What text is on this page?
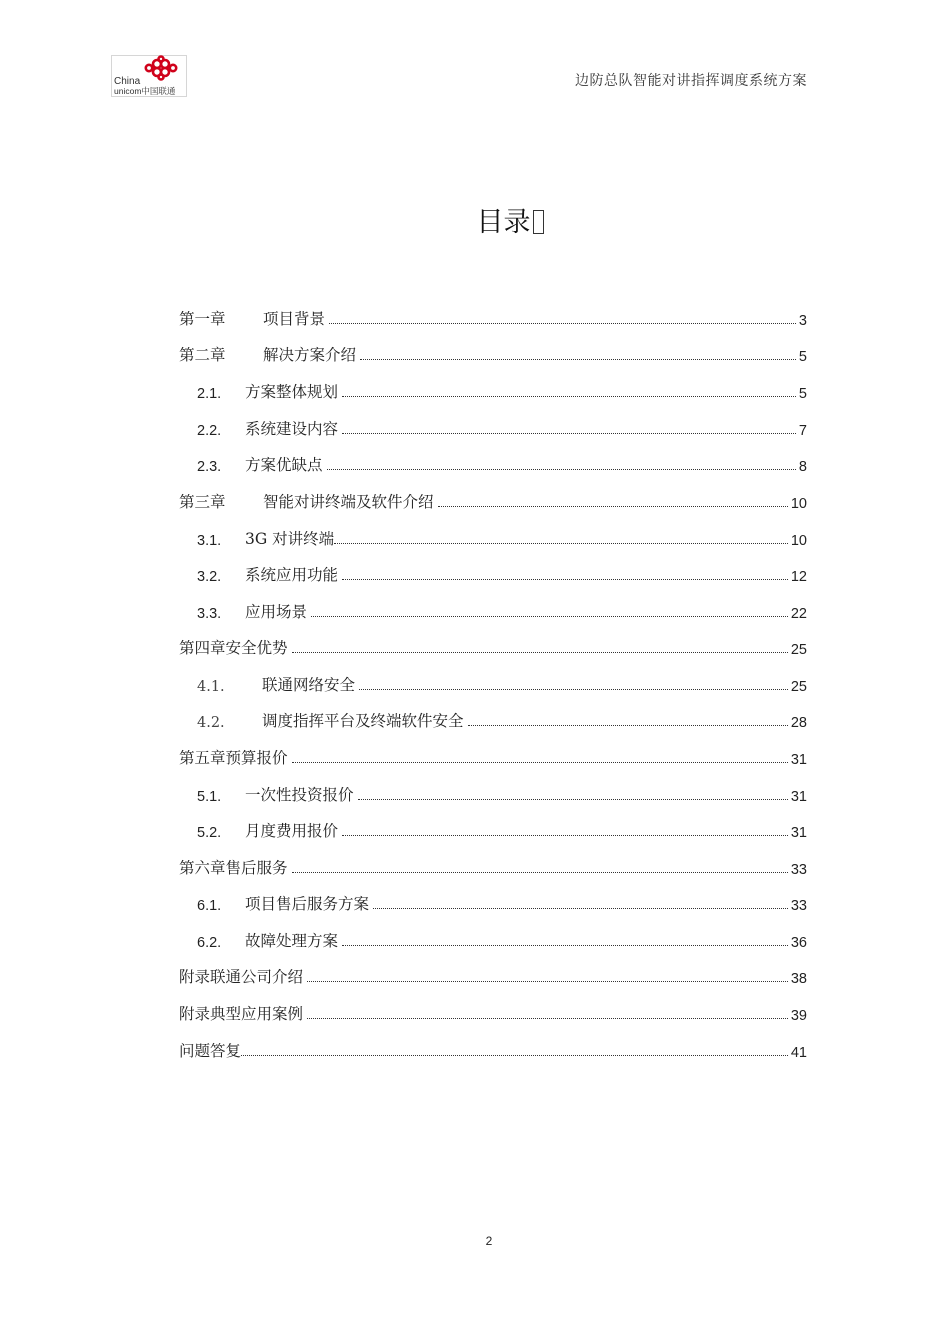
China
unicom中国联通
边防总队智能对讲指挥调度系统方案
目录
第一章	项目背景	3
第二章	解决方案介绍	5
2.1.	方案整体规划	5
2.2.	系统建设内容	7
2.3.	方案优缺点	8
第三章	智能对讲终端及软件介绍	10
3.1.	3G 对讲终端	10
3.2.	系统应用功能	12
3.3.	应用场景	22
第四章安全优势	25
4.1.	联通网络安全	25
4.2.	调度指挥平台及终端软件安全	28
第五章预算报价	31
5.1.	一次性投资报价	31
5.2.	月度费用报价	31
第六章售后服务	33
6.1.	项目售后服务方案	33
6.2.	故障处理方案	36
附录联通公司介绍	38
附录典型应用案例	39
问题答复	41
2
